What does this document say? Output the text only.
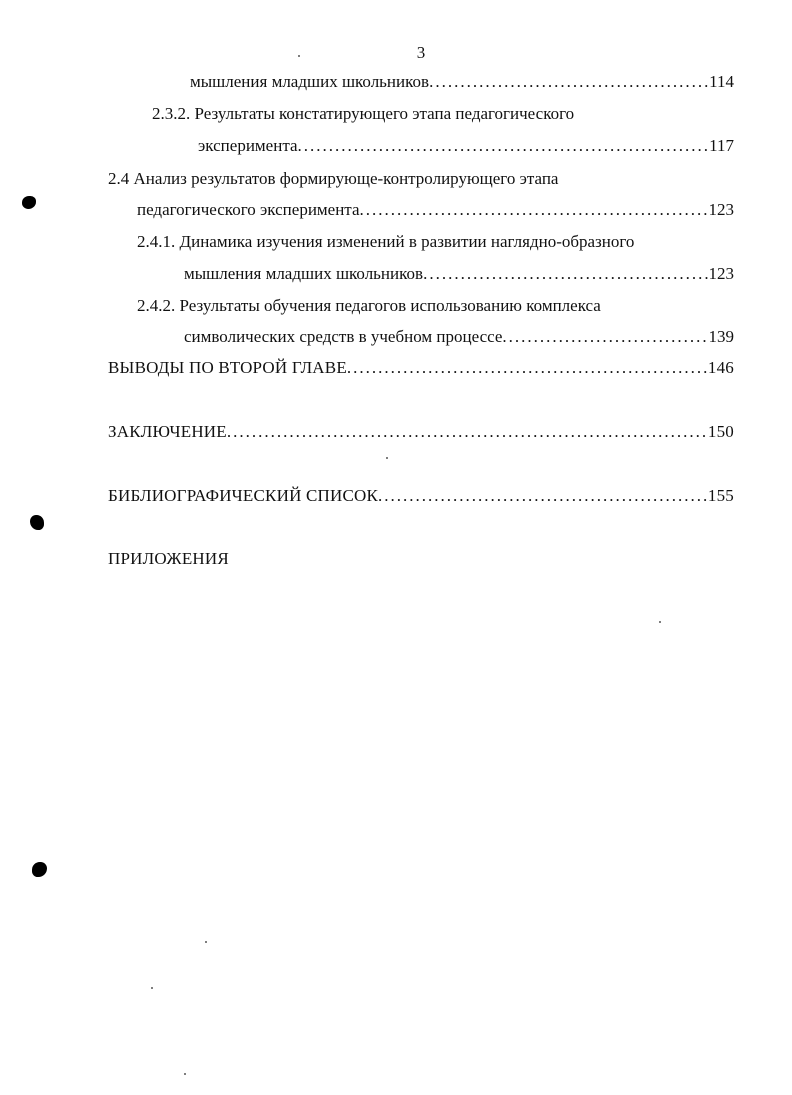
3
мышления младших школьников .....	114
2.3.2. Результаты констатирующего этапа педагогического
эксперимента .....	117
2.4 Анализ результатов формирующе-контролирующего этапа
педагогического эксперимента .....	123
2.4.1. Динамика изучения изменений в развитии наглядно-образного
мышления младших школьников .....	123
2.4.2. Результаты обучения педагогов использованию комплекса
символических средств в учебном процессе .....	139
ВЫВОДЫ ПО ВТОРОЙ ГЛАВЕ .....	146
ЗАКЛЮЧЕНИЕ .....	150
БИБЛИОГРАФИЧЕСКИЙ СПИСОК .....	155
ПРИЛОЖЕНИЯ
